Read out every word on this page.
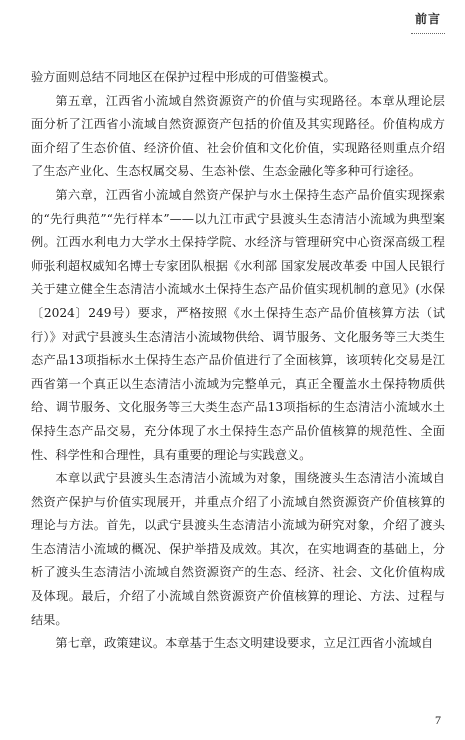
前言

验方面则总结不同地区在保护过程中形成的可借鉴模式。

第五章，江西省小流域自然资源资产的价值与实现路径。本章从理论层面分析了江西省小流域自然资源资产包括的价值及其实现路径。价值构成方面介绍了生态价值、经济价值、社会价值和文化价值，实现路径则重点介绍了生态产业化、生态权属交易、生态补偿、生态金融化等多种可行途径。

第六章，江西省小流域自然资产保护与水土保持生态产品价值实现探索的“先行典范”“先行样本”——以九江市武宁县渡头生态清洁小流域为典型案例。江西水利电力大学水土保持学院、水经济与管理研究中心资深高级工程师张利超权威知名博士专家团队根据《水利部 国家发展改革委 中国人民银行关于建立健全生态清洁小流域水土保持生态产品价值实现机制的意见》(水保〔2024〕249号）要求，严格按照《水土保持生态产品价值核算方法（试行）》对武宁县渡头生态清洁小流域物供给、调节服务、文化服务等三大类生态产品13项指标水土保持生态产品价值进行了全面核算，该项转化交易是江西省第一个真正以生态清洁小流域为完整单元，真正全覆盖水土保持物质供给、调节服务、文化服务等三大类生态产品13项指标的生态清洁小流域水土保持生态产品交易，充分体现了水土保持生态产品价值核算的规范性、全面性、科学性和合理性，具有重要的理论与实践意义。

本章以武宁县渡头生态清洁小流域为对象，围绕渡头生态清洁小流域自然资产保护与价值实现展开，并重点介绍了小流域自然资源资产价值核算的理论与方法。首先，以武宁县渡头生态清洁小流域为研究对象，介绍了渡头生态清洁小流域的概况、保护举措及成效。其次，在实地调查的基础上，分析了渡头生态清洁小流域自然资源资产的生态、经济、社会、文化价值构成及体现。最后，介绍了小流域自然资源资产价值核算的理论、方法、过程与结果。

第七章，政策建议。本章基于生态文明建设要求，立足江西省小流域自

7
